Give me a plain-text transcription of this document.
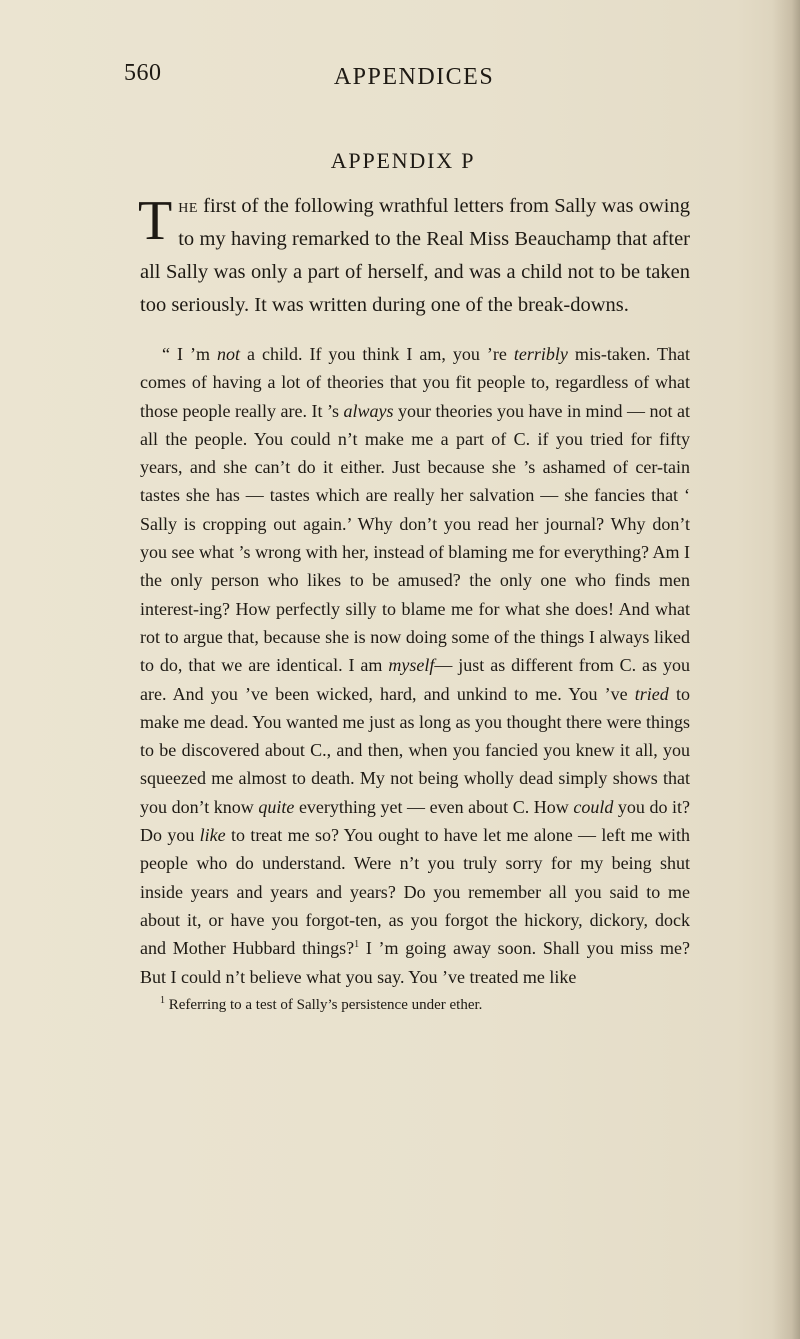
560	APPENDICES
APPENDIX P

The first of the following wrathful letters from Sally was owing to my having remarked to the Real Miss Beauchamp that after all Sally was only a part of herself, and was a child not to be taken too seriously. It was written during one of the break-downs.

“ I ’m not a child. If you think I am, you ’re terribly mis-taken. That comes of having a lot of theories that you fit people to, regardless of what those people really are. It ’s always your theories you have in mind — not at all the people. You could n’t make me a part of C. if you tried for fifty years, and she can’t do it either. Just because she ’s ashamed of cer-tain tastes she has — tastes which are really her salvation — she fancies that ‘ Sally is cropping out again.’ Why don’t you read her journal? Why don’t you see what ’s wrong with her, instead of blaming me for everything? Am I the only person who likes to be amused? the only one who finds men interest-ing? How perfectly silly to blame me for what she does! And what rot to argue that, because she is now doing some of the things I always liked to do, that we are identical. I am myself— just as different from C. as you are. And you ’ve been wicked, hard, and unkind to me. You ’ve tried to make me dead. You wanted me just as long as you thought there were things to be discovered about C., and then, when you fancied you knew it all, you squeezed me almost to death. My not being wholly dead simply shows that you don’t know quite everything yet — even about C. How could you do it? Do you like to treat me so? You ought to have let me alone — left me with people who do understand. Were n’t you truly sorry for my being shut inside years and years and years? Do you remember all you said to me about it, or have you forgot-ten, as you forgot the hickory, dickory, dock and Mother Hubbard things?$^1$ I ’m going away soon. Shall you miss me? But I could n’t believe what you say. You ’ve treated me like

$^1$ Referring to a test of Sally’s persistence under ether.
